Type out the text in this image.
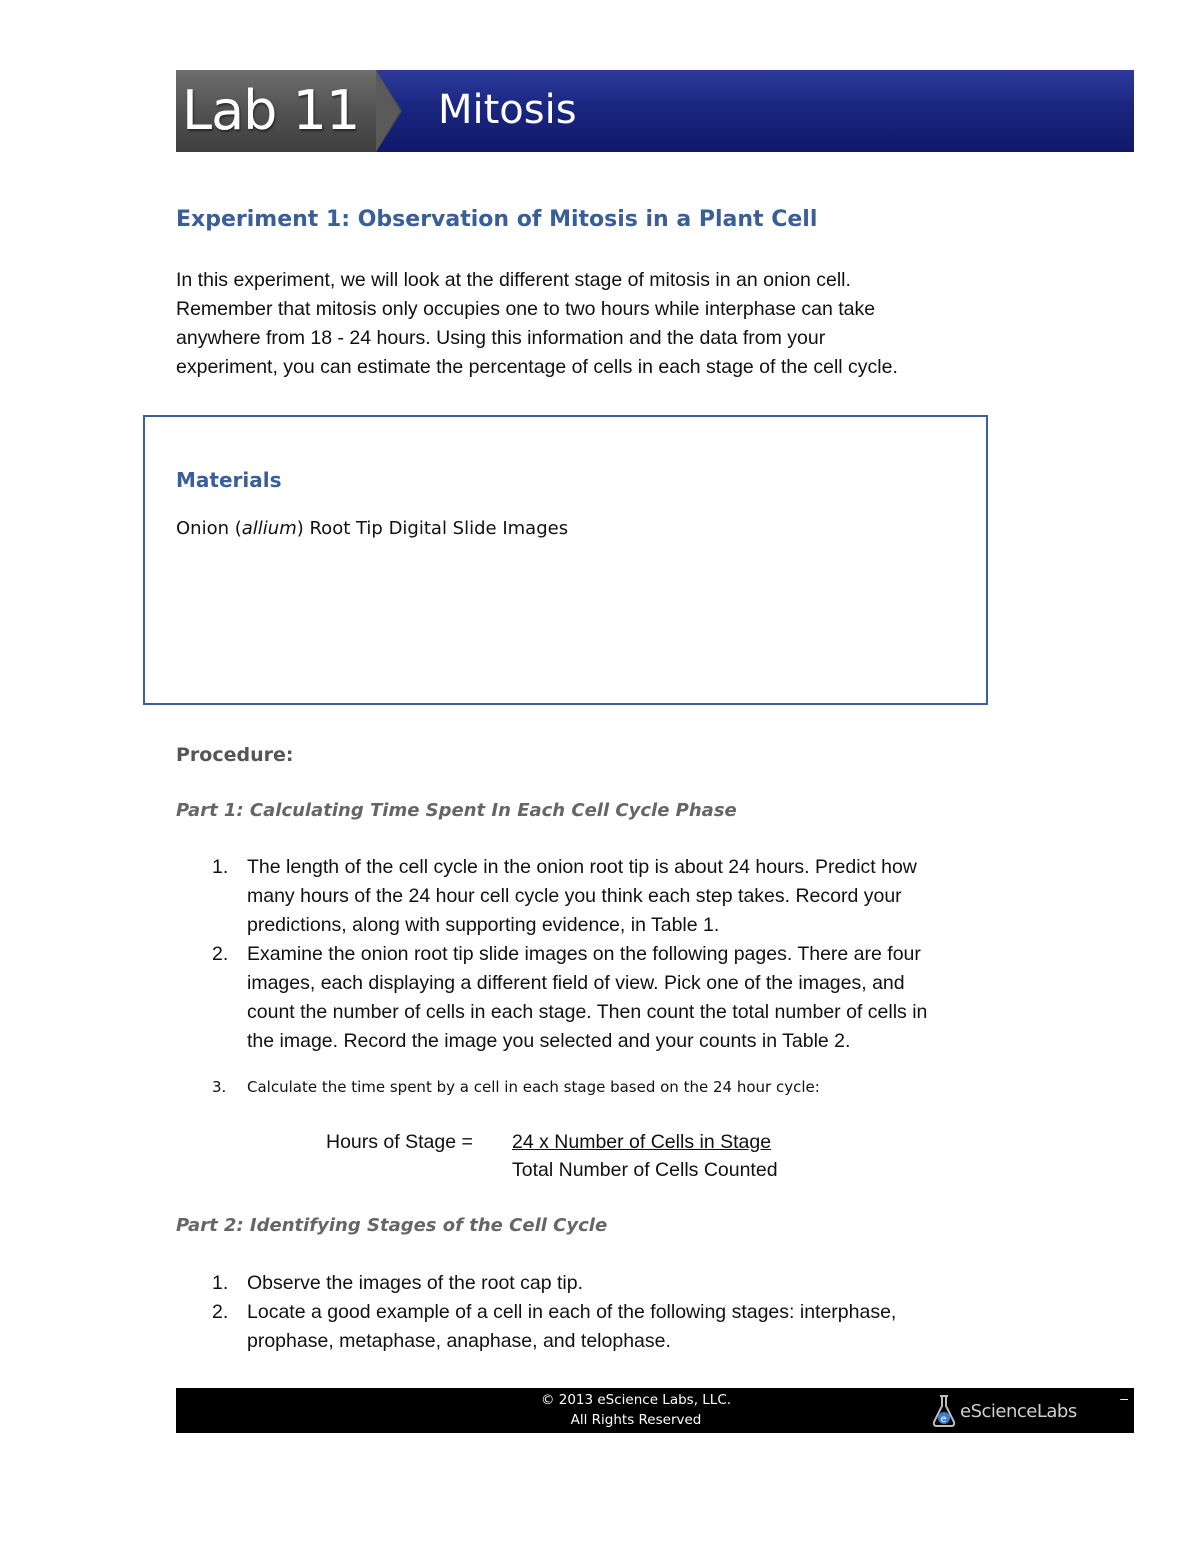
Lab 11 Mitosis
Experiment 1: Observation of Mitosis in a Plant Cell

In this experiment, we will look at the different stage of mitosis in an onion cell.
Remember that mitosis only occupies one to two hours while interphase can take
anywhere from 18 - 24 hours. Using this information and the data from your
experiment, you can estimate the percentage of cells in each stage of the cell cycle.

Materials
Onion (allium) Root Tip Digital Slide Images
Procedure:
Part 1: Calculating Time Spent In Each Cell Cycle Phase
1. The length of the cell cycle in the onion root tip is about 24 hours. Predict how
many hours of the 24 hour cell cycle you think each step takes. Record your
predictions, along with supporting evidence, in Table 1.
2. Examine the onion root tip slide images on the following pages. There are four
images, each displaying a different field of view. Pick one of the images, and
count the number of cells in each stage. Then count the total number of cells in
the image. Record the image you selected and your counts in Table 2.
3. Calculate the time spent by a cell in each stage based on the 24 hour cycle:
Hours of Stage = 24 x Number of Cells in Stage
Total Number of Cells Counted
Part 2: Identifying Stages of the Cell Cycle
1. Observe the images of the root cap tip.
2. Locate a good example of a cell in each of the following stages: interphase,
prophase, metaphase, anaphase, and telophase.
© 2013 eScience Labs, LLC.
All Rights Reserved	e eScienceLabs
–
